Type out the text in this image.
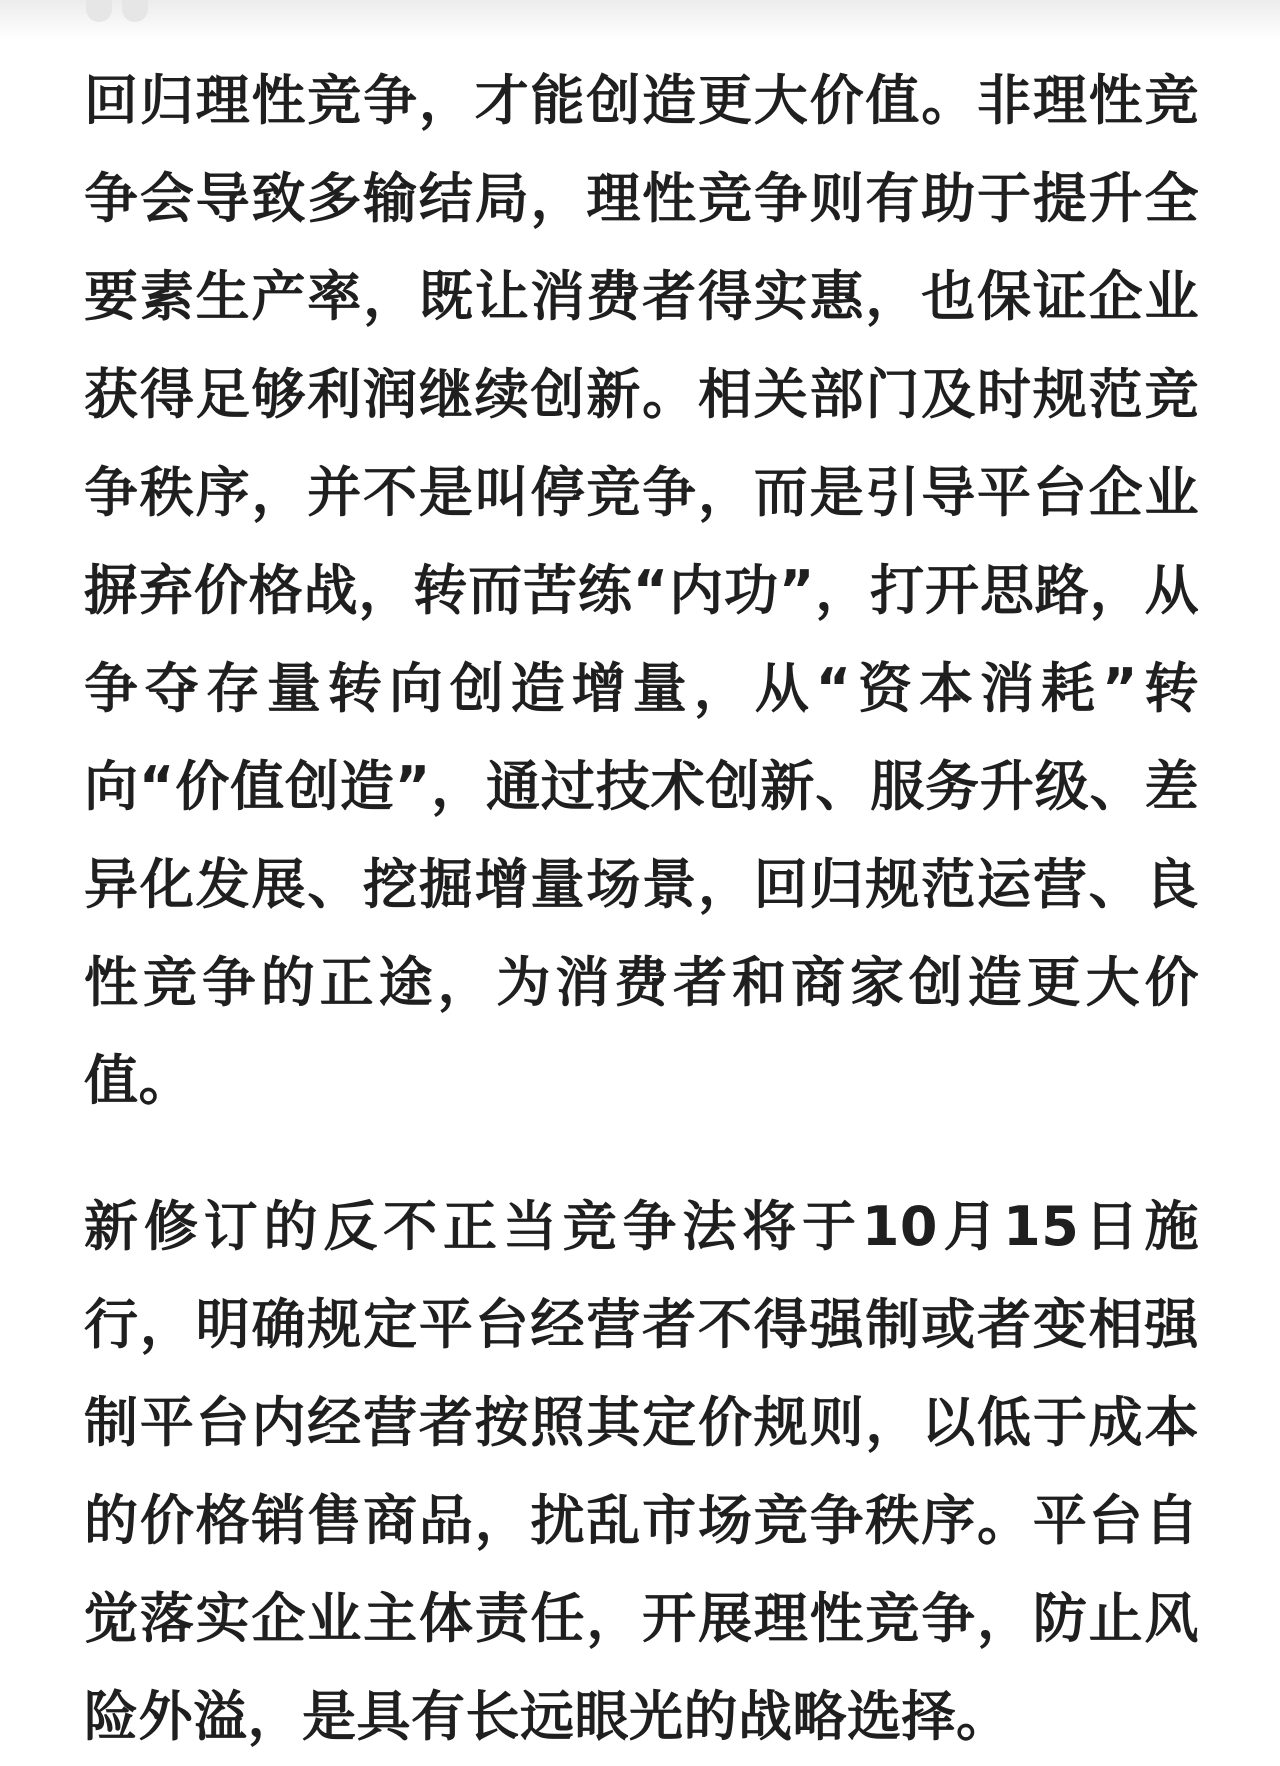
回归理性竞争，才能创造更大价值。非理性竞争会导致多输结局，理性竞争则有助于提升全要素生产率，既让消费者得实惠，也保证企业获得足够利润继续创新。相关部门及时规范竞争秩序，并不是叫停竞争，而是引导平台企业摒弃价格战，转而苦练“内功”，打开思路，从争夺存量转向创造增量，从“资本消耗”转向“价值创造”，通过技术创新、服务升级、差异化发展、挖掘增量场景，回归规范运营、良性竞争的正途，为消费者和商家创造更大价值。

新修订的反不正当竞争法将于10月15日施行，明确规定平台经营者不得强制或者变相强制平台内经营者按照其定价规则，以低于成本的价格销售商品，扰乱市场竞争秩序。平台自觉落实企业主体责任，开展理性竞争，防止风险外溢，是具有长远眼光的战略选择。
